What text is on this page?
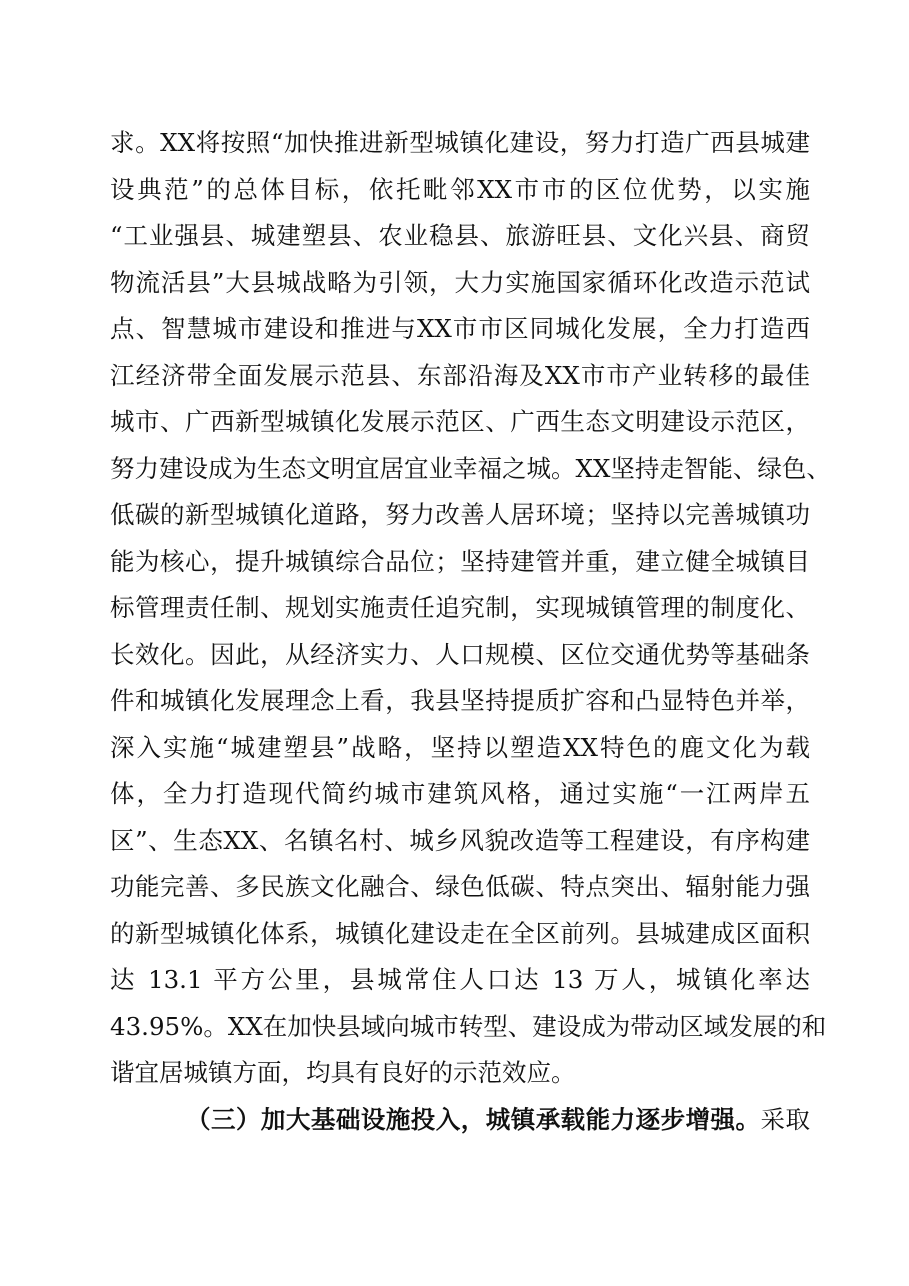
求。XX将按照“加快推进新型城镇化建设，努力打造广西县城建
设典范”的总体目标，依托毗邻XX市市的区位优势，以实施
“工业强县、城建塑县、农业稳县、旅游旺县、文化兴县、商贸
物流活县”大县城战略为引领，大力实施国家循环化改造示范试
点、智慧城市建设和推进与XX市市区同城化发展，全力打造西
江经济带全面发展示范县、东部沿海及XX市市产业转移的最佳
城市、广西新型城镇化发展示范区、广西生态文明建设示范区，
努力建设成为生态文明宜居宜业幸福之城。XX坚持走智能、绿色、
低碳的新型城镇化道路，努力改善人居环境；坚持以完善城镇功
能为核心，提升城镇综合品位；坚持建管并重，建立健全城镇目
标管理责任制、规划实施责任追究制，实现城镇管理的制度化、
长效化。因此，从经济实力、人口规模、区位交通优势等基础条
件和城镇化发展理念上看，我县坚持提质扩容和凸显特色并举，
深入实施“城建塑县”战略，坚持以塑造XX特色的鹿文化为载
体，全力打造现代简约城市建筑风格，通过实施“一江两岸五
区”、生态XX、名镇名村、城乡风貌改造等工程建设，有序构建
功能完善、多民族文化融合、绿色低碳、特点突出、辐射能力强
的新型城镇化体系，城镇化建设走在全区前列。县城建成区面积
达 13.1 平方公里，县城常住人口达 13 万人，城镇化率达
43.95%。XX在加快县域向城市转型、建设成为带动区域发展的和
谐宜居城镇方面，均具有良好的示范效应。
（三）加大基础设施投入，城镇承载能力逐步增强。采取
